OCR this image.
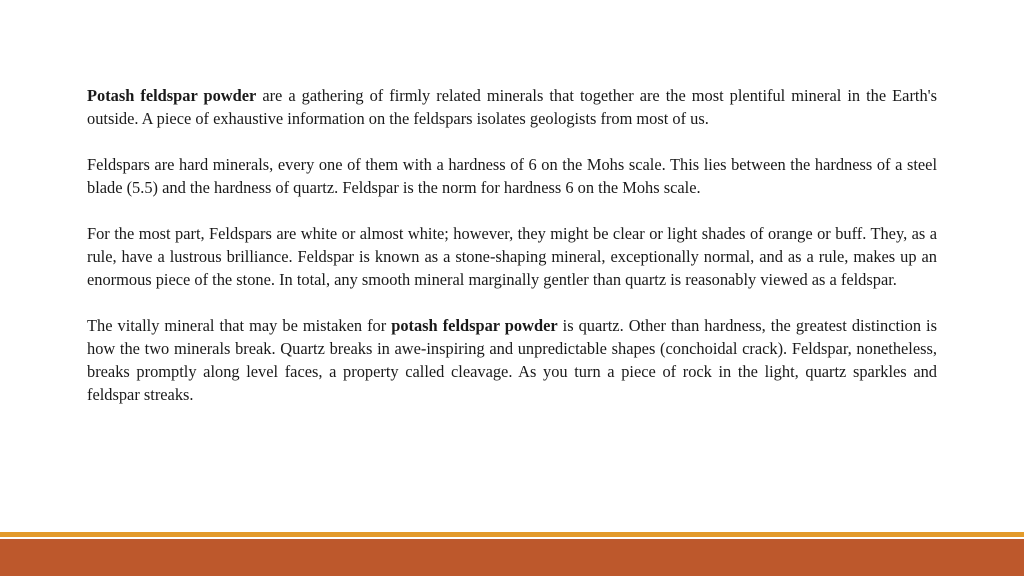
Potash feldspar powder are a gathering of firmly related minerals that together are the most plentiful mineral in the Earth's outside. A piece of exhaustive information on the feldspars isolates geologists from most of us.

Feldspars are hard minerals, every one of them with a hardness of 6 on the Mohs scale. This lies between the hardness of a steel blade (5.5) and the hardness of quartz. Feldspar is the norm for hardness 6 on the Mohs scale.

For the most part, Feldspars are white or almost white; however, they might be clear or light shades of orange or buff. They, as a rule, have a lustrous brilliance. Feldspar is known as a stone-shaping mineral, exceptionally normal, and as a rule, makes up an enormous piece of the stone. In total, any smooth mineral marginally gentler than quartz is reasonably viewed as a feldspar.

The vitally mineral that may be mistaken for potash feldspar powder is quartz. Other than hardness, the greatest distinction is how the two minerals break. Quartz breaks in awe-inspiring and unpredictable shapes (conchoidal crack). Feldspar, nonetheless, breaks promptly along level faces, a property called cleavage. As you turn a piece of rock in the light, quartz sparkles and feldspar streaks.
